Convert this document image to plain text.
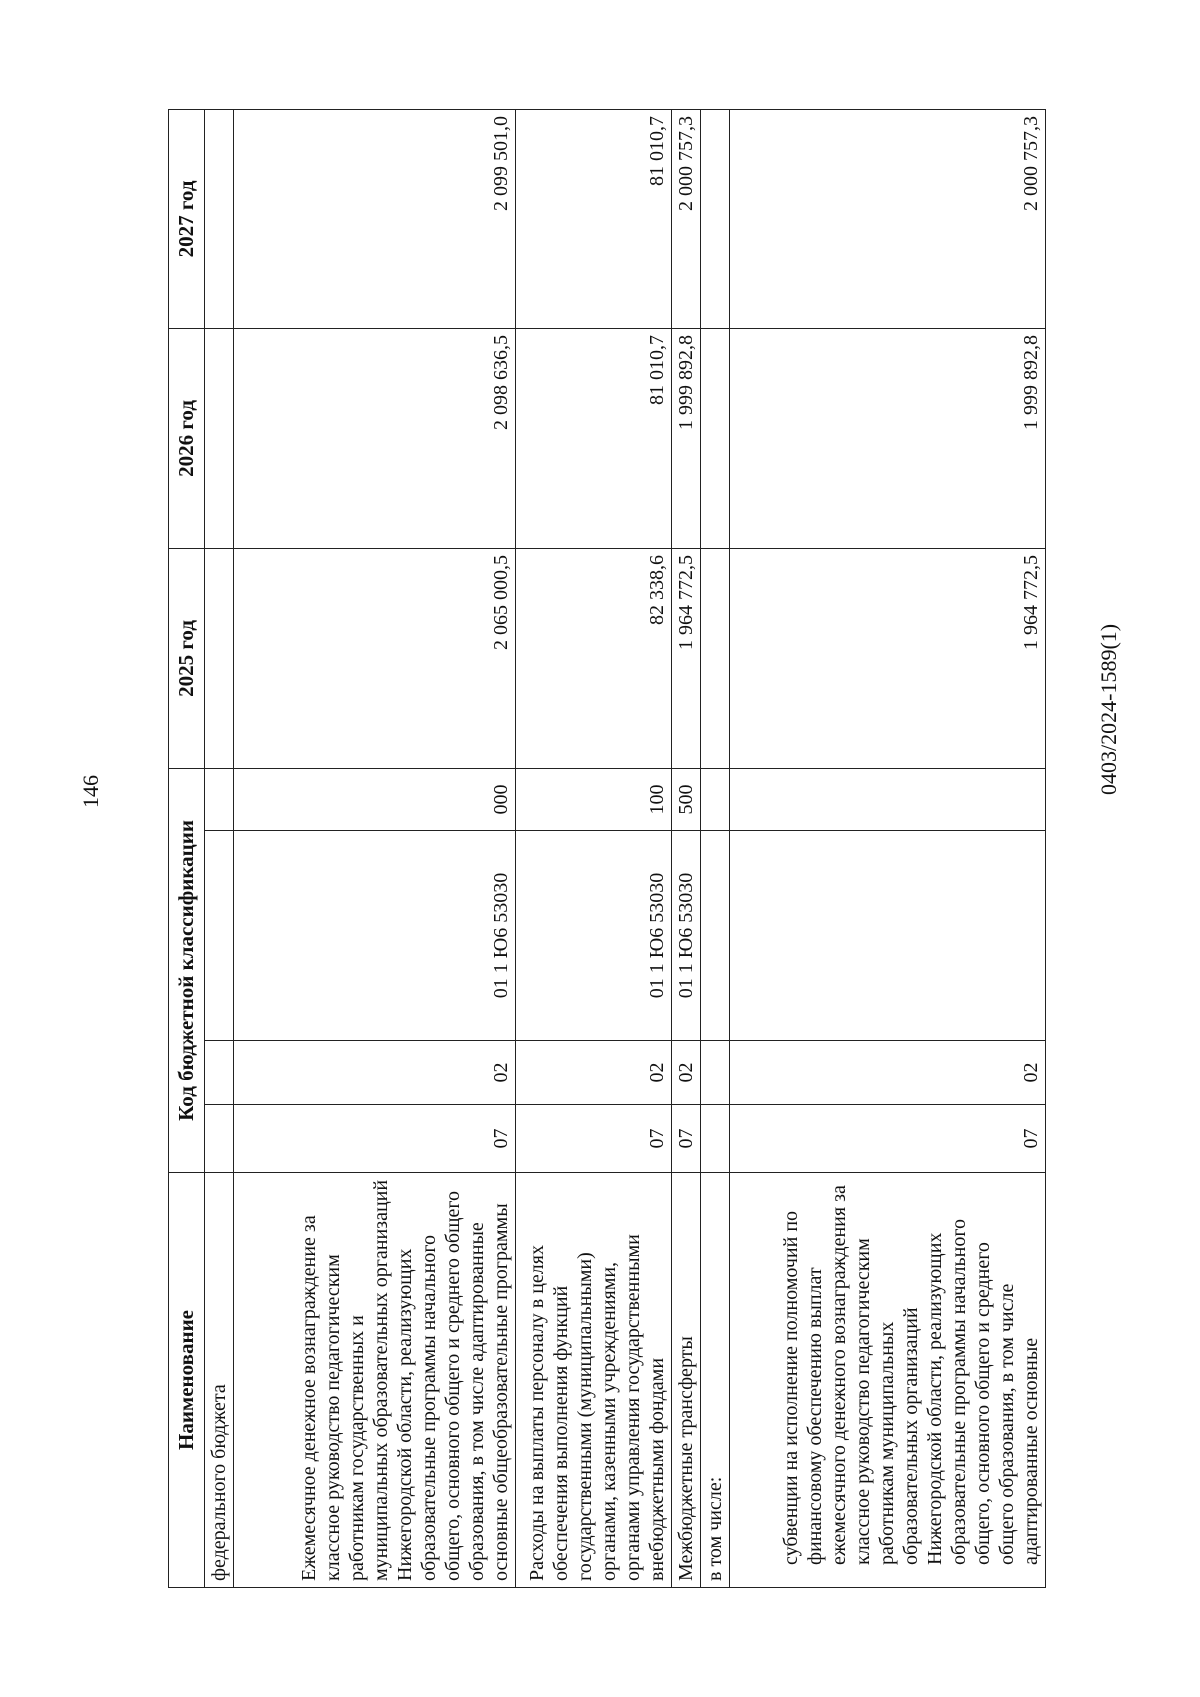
146	0403/2024-1589(1)
Наименование	Код бюджетной классификации				2025 год	2026 год	2027 год
федерального бюджета							
Ежемесячное денежное вознаграждение за классное руководство педагогическим работникам государственных и муниципальных образовательных организаций Нижегородской области, реализующих образовательные программы начального общего, основного общего и среднего общего образования, в том числе адаптированные основные общеобразовательные программы	07	02	01 1 Ю6 53030	000	2 065 000,5	2 098 636,5	2 099 501,0
Расходы на выплаты персоналу в целях обеспечения выполнения функций государственными (муниципальными) органами, казенными учреждениями, органами управления государственными внебюджетными фондами	07	02	01 1 Ю6 53030	100	82 338,6	81 010,7	81 010,7
Межбюджетные трансферты	07	02	01 1 Ю6 53030	500	1 964 772,5	1 999 892,8	2 000 757,3
в том числе:							
субвенции на исполнение полномочий по финансовому обеспечению выплат ежемесячного денежного вознаграждения за классное руководство педагогическим работникам муниципальных образовательных организаций Нижегородской области, реализующих образовательные программы начального общего, основного общего и среднего общего образования, в том числе адаптированные основные	07	02			1 964 772,5	1 999 892,8	2 000 757,3
